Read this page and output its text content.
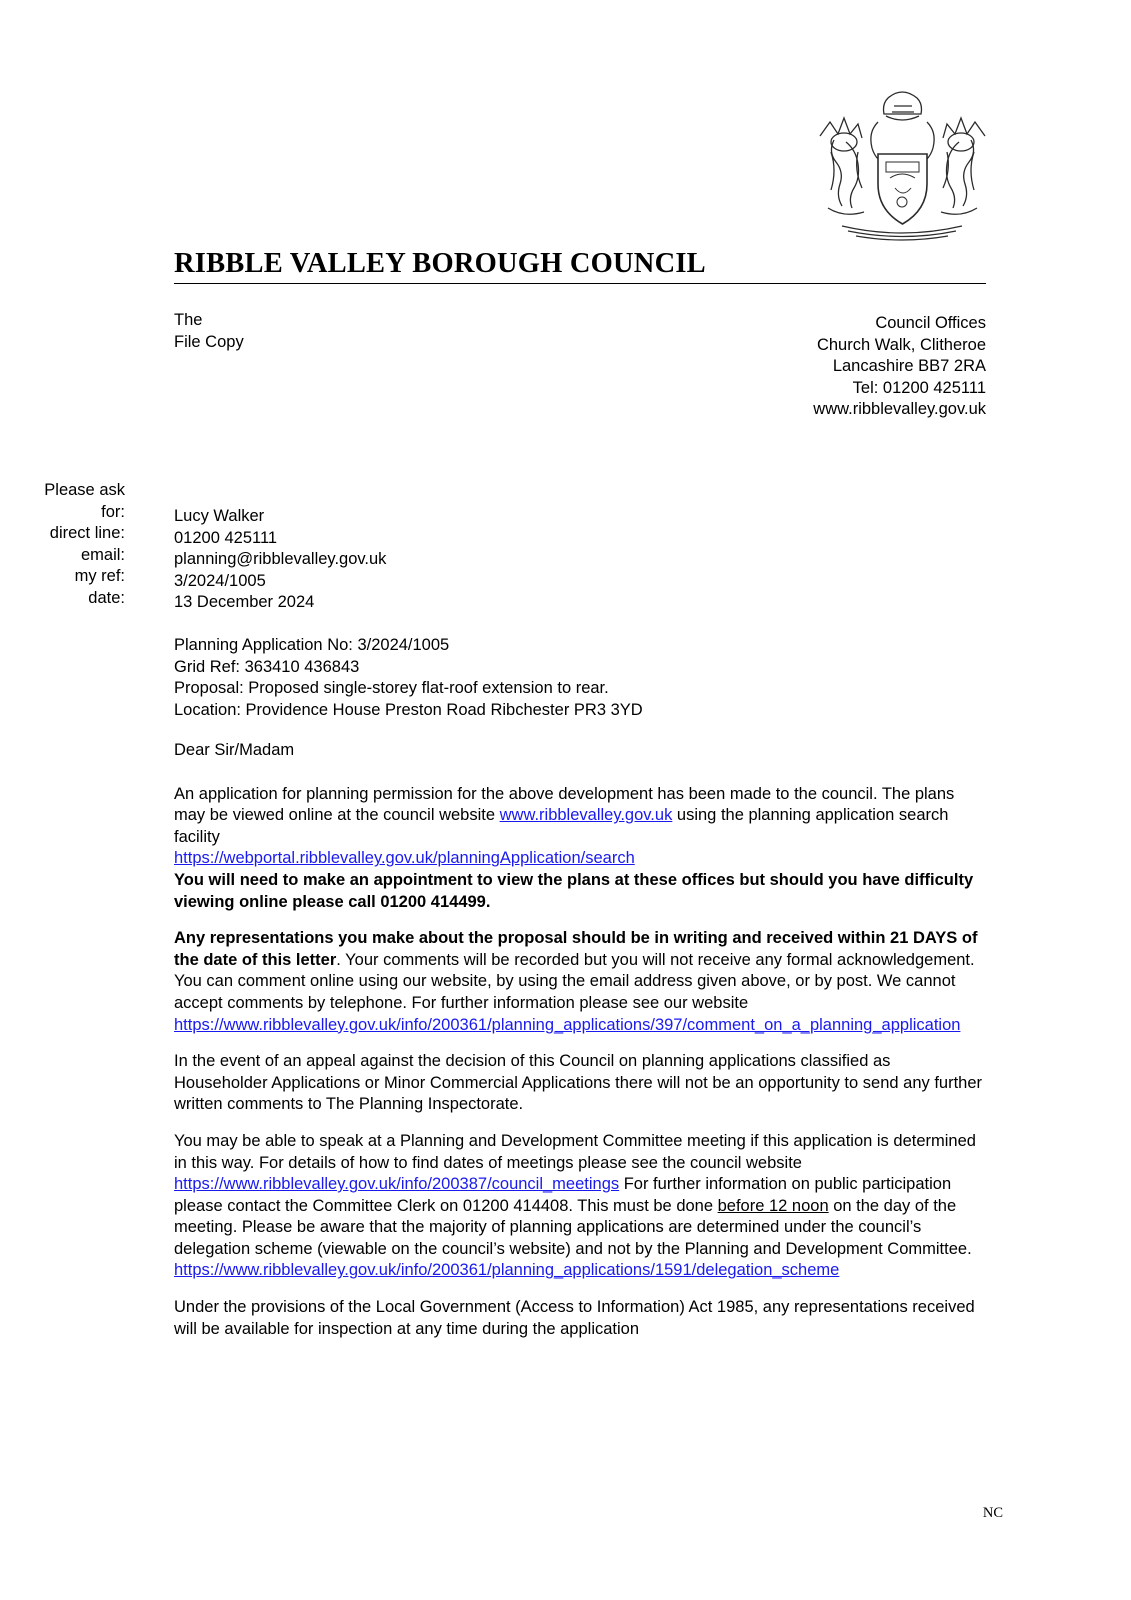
RIBBLE VALLEY BOROUGH COUNCIL
The
File Copy
Council Offices
Church Walk, Clitheroe
Lancashire BB7 2RA
Tel: 01200 425111
www.ribblevalley.gov.uk
Please ask
for:
direct line:
email:
my ref:
date:
Lucy Walker
01200 425111
planning@ribblevalley.gov.uk
3/2024/1005
13 December 2024
Planning Application No: 3/2024/1005
Grid Ref: 363410 436843
Proposal: Proposed single-storey flat-roof extension to rear.
Location: Providence House Preston Road Ribchester PR3 3YD

Dear Sir/Madam

An application for planning permission for the above development has been made to the council. The plans may be viewed online at the council website www.ribblevalley.gov.uk using the planning application search facility

https://webportal.ribblevalley.gov.uk/planningApplication/search

You will need to make an appointment to view the plans at these offices but should you have difficulty viewing online please call 01200 414499.

Any representations you make about the proposal should be in writing and received within 21 DAYS of the date of this letter. Your comments will be recorded but you will not receive any formal acknowledgement. You can comment online using our website, by using the email address given above, or by post. We cannot accept comments by telephone. For further information please see our website

https://www.ribblevalley.gov.uk/info/200361/planning_applications/397/comment_on_a_planning_application

In the event of an appeal against the decision of this Council on planning applications classified as Householder Applications or Minor Commercial Applications there will not be an opportunity to send any further written comments to The Planning Inspectorate.

You may be able to speak at a Planning and Development Committee meeting if this application is determined in this way. For details of how to find dates of meetings please see the council website https://www.ribblevalley.gov.uk/info/200387/council_meetings For further information on public participation please contact the Committee Clerk on 01200 414408. This must be done before 12 noon on the day of the meeting. Please be aware that the majority of planning applications are determined under the council’s delegation scheme (viewable on the council’s website) and not by the Planning and Development Committee.

https://www.ribblevalley.gov.uk/info/200361/planning_applications/1591/delegation_scheme

Under the provisions of the Local Government (Access to Information) Act 1985, any representations received will be available for inspection at any time during the application

NC
